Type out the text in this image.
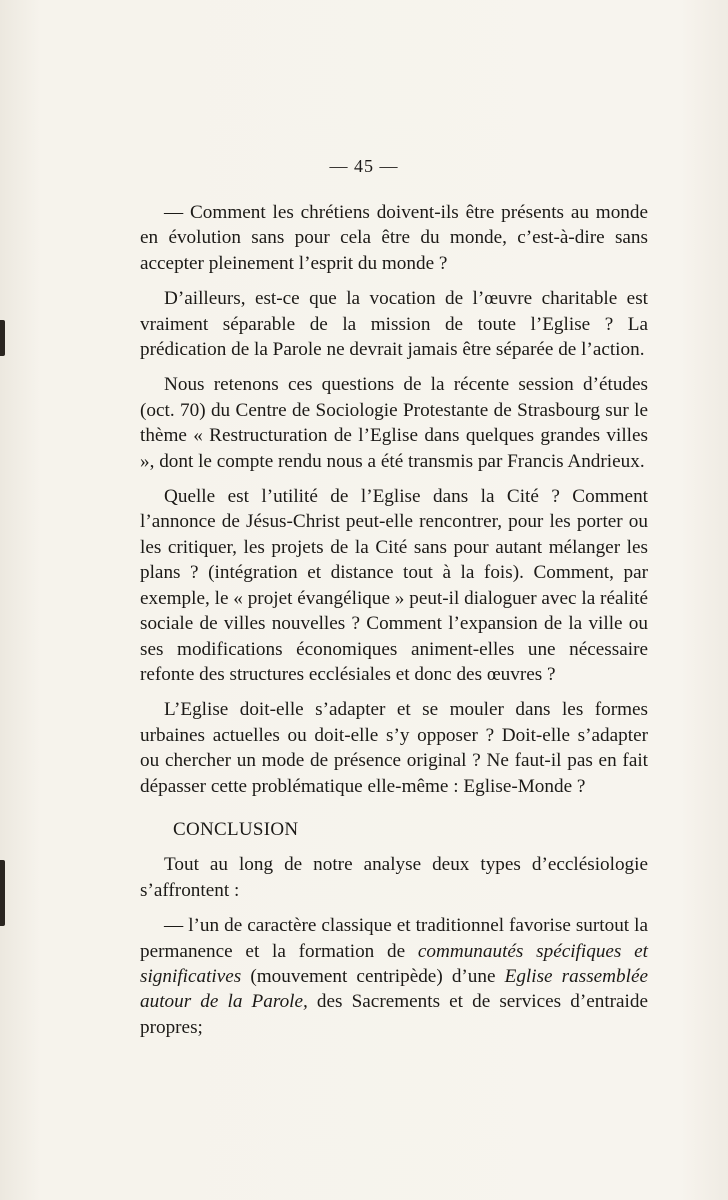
— 45 —

— Comment les chrétiens doivent-ils être présents au monde en évolution sans pour cela être du monde, c’est-à-dire sans accepter pleinement l’esprit du monde ?

D’ailleurs, est-ce que la vocation de l’œuvre charitable est vraiment séparable de la mission de toute l’Eglise ? La prédication de la Parole ne devrait jamais être séparée de l’action.

Nous retenons ces questions de la récente session d’études (oct. 70) du Centre de Sociologie Protestante de Strasbourg sur le thème « Restructuration de l’Eglise dans quelques grandes villes », dont le compte rendu nous a été transmis par Francis Andrieux.

Quelle est l’utilité de l’Eglise dans la Cité ? Comment l’annonce de Jésus-Christ peut-elle rencontrer, pour les porter ou les critiquer, les projets de la Cité sans pour autant mélanger les plans ? (intégration et distance tout à la fois). Comment, par exemple, le « projet évangélique » peut-il dialoguer avec la réalité sociale de villes nouvelles ? Comment l’expansion de la ville ou ses modifications économiques animent-elles une nécessaire refonte des structures ecclésiales et donc des œuvres ?

L’Eglise doit-elle s’adapter et se mouler dans les formes urbaines actuelles ou doit-elle s’y opposer ? Doit-elle s’adapter ou chercher un mode de présence original ? Ne faut-il pas en fait dépasser cette problématique elle-même : Eglise-Monde ?

CONCLUSION

Tout au long de notre analyse deux types d’ecclésiologie s’affrontent :

— l’un de caractère classique et traditionnel favorise surtout la permanence et la formation de communautés spécifiques et significatives (mouvement centripède) d’une Eglise rassemblée autour de la Parole, des Sacrements et de services d’entraide propres;
